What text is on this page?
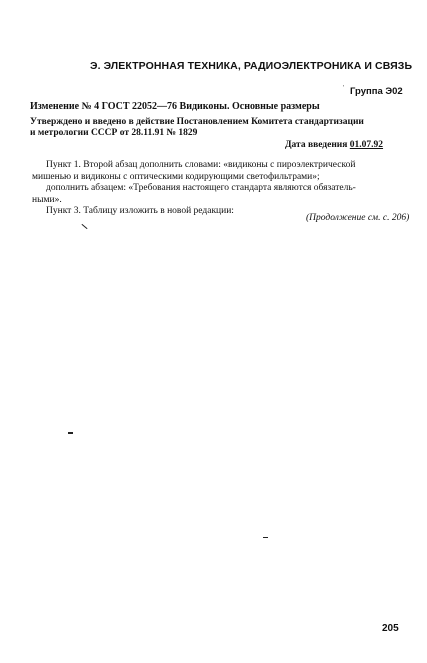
Э. ЭЛЕКТРОННАЯ ТЕХНИКА, РАДИОЭЛЕКТРОНИКА И СВЯЗЬ
' Группа Э02
Изменение № 4 ГОСТ 22052—76 Видиконы. Основные размеры
Утверждено и введено в действие Постановлением Комитета стандартизации
и метрологии СССР от 28.11.91 № 1829
Дата введения 01.07.92

Пункт 1. Второй абзац дополнить словами: «видиконы с пироэлектрической

мишенью и видиконы с оптическими кодирующими светофильтрами»;

дополнить абзацем: «Требования настоящего стандарта являются обязатель-

ными».

Пункт 3. Таблицу изложить в новой редакции:

(Продолжение см. с. 206)
205
